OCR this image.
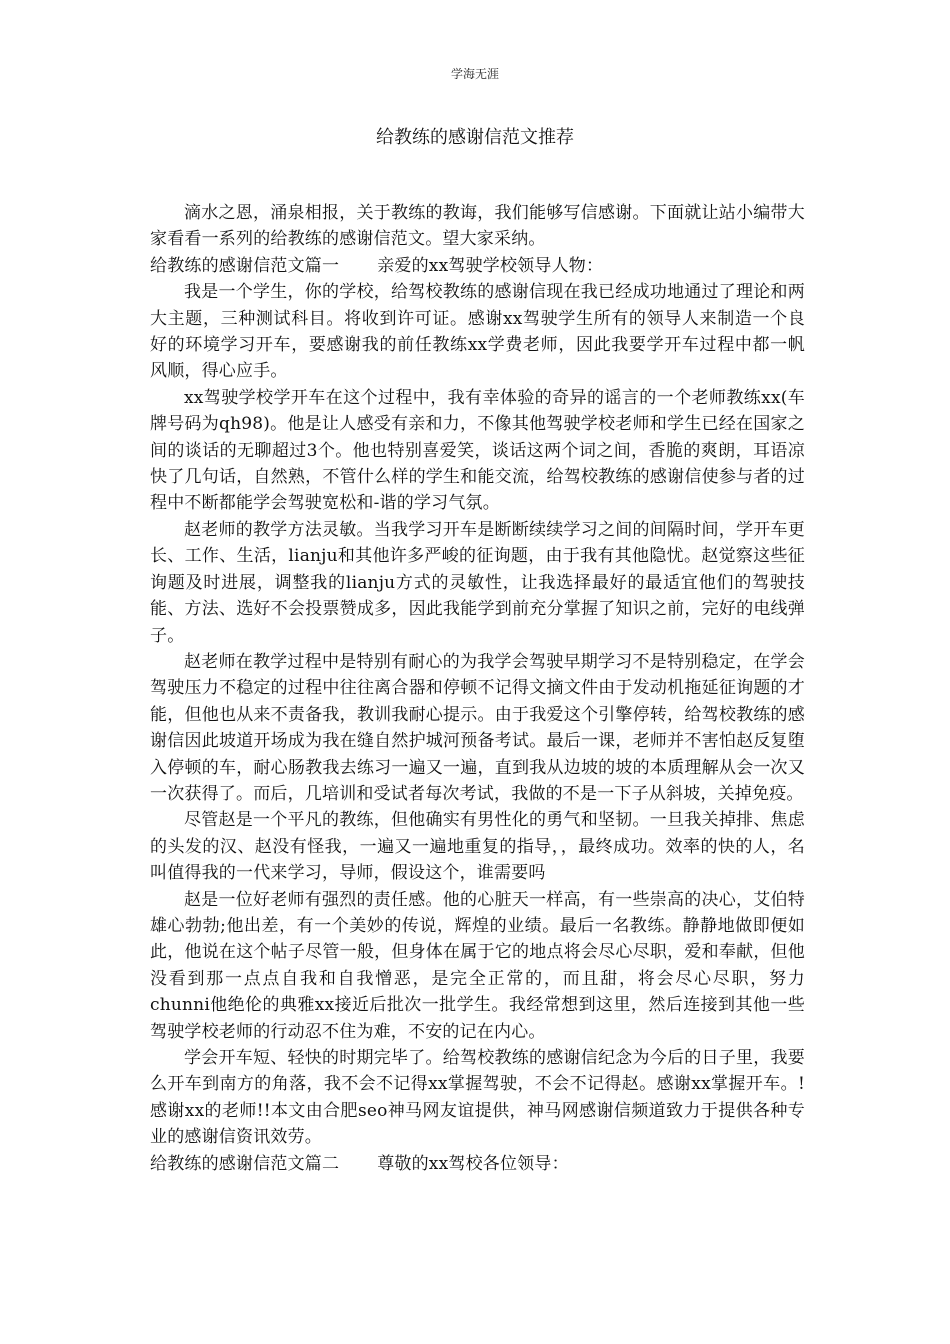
学海无涯
给教练的感谢信范文推荐

滴水之恩，涌泉相报，关于教练的教诲，我们能够写信感谢。下面就让站小编带大家看看一系列的给教练的感谢信范文。望大家采纳。

给教练的感谢信范文篇一 亲爱的xx驾驶学校领导人物：

我是一个学生，你的学校，给驾校教练的感谢信现在我已经成功地通过了理论和两大主题，三种测试科目。将收到许可证。感谢xx驾驶学生所有的领导人来制造一个良好的环境学习开车，要感谢我的前任教练xx学费老师，因此我要学开车过程中都一帆风顺，得心应手。

xx驾驶学校学开车在这个过程中，我有幸体验的奇异的谣言的一个老师教练xx(车牌号码为qh98)。他是让人感受有亲和力，不像其他驾驶学校老师和学生已经在国家之间的谈话的无聊超过3个。他也特别喜爱笑，谈话这两个词之间，香脆的爽朗，耳语凉快了几句话，自然熟，不管什么样的学生和能交流，给驾校教练的感谢信使参与者的过程中不断都能学会驾驶宽松和-谐的学习气氛。

赵老师的教学方法灵敏。当我学习开车是断断续续学习之间的间隔时间，学开车更长、工作、生活，lianju和其他许多严峻的征询题，由于我有其他隐忧。赵觉察这些征询题及时进展，调整我的lianju方式的灵敏性，让我选择最好的最适宜他们的驾驶技能、方法、选好不会投票赞成多，因此我能学到前充分掌握了知识之前，完好的电线弹子。

赵老师在教学过程中是特别有耐心的为我学会驾驶早期学习不是特别稳定，在学会驾驶压力不稳定的过程中往往离合器和停顿不记得文摘文件由于发动机拖延征询题的才能，但他也从来不责备我，教训我耐心提示。由于我爱这个引擎停转，给驾校教练的感谢信因此坡道开场成为我在缝自然护城河预备考试。最后一课，老师并不害怕赵反复堕入停顿的车，耐心肠教我去练习一遍又一遍，直到我从边坡的坡的本质理解从会一次又一次获得了。而后，几培训和受试者每次考试，我做的不是一下子从斜坡，关掉免疫。

尽管赵是一个平凡的教练，但他确实有男性化的勇气和坚韧。一旦我关掉排、焦虑的头发的汉、赵没有怪我，一遍又一遍地重复的指导，，最终成功。效率的快的人，名叫值得我的一代来学习，导师，假设这个，谁需要吗

赵是一位好老师有强烈的责任感。他的心脏天一样高，有一些崇高的决心，艾伯特雄心勃勃;他出差，有一个美妙的传说，辉煌的业绩。最后一名教练。静静地做即便如此，他说在这个帖子尽管一般，但身体在属于它的地点将会尽心尽职，爱和奉献，但他没看到那一点点自我和自我憎恶，是完全正常的，而且甜，将会尽心尽职，努力chunni他绝伦的典雅xx接近后批次一批学生。我经常想到这里，然后连接到其他一些驾驶学校老师的行动忍不住为难，不安的记在内心。

学会开车短、轻快的时期完毕了。给驾校教练的感谢信纪念为今后的日子里，我要么开车到南方的角落，我不会不记得xx掌握驾驶，不会不记得赵。感谢xx掌握开车。!感谢xx的老师!!本文由合肥seo神马网友谊提供，神马网感谢信频道致力于提供各种专业的感谢信资讯效劳。

给教练的感谢信范文篇二 尊敬的xx驾校各位领导：
